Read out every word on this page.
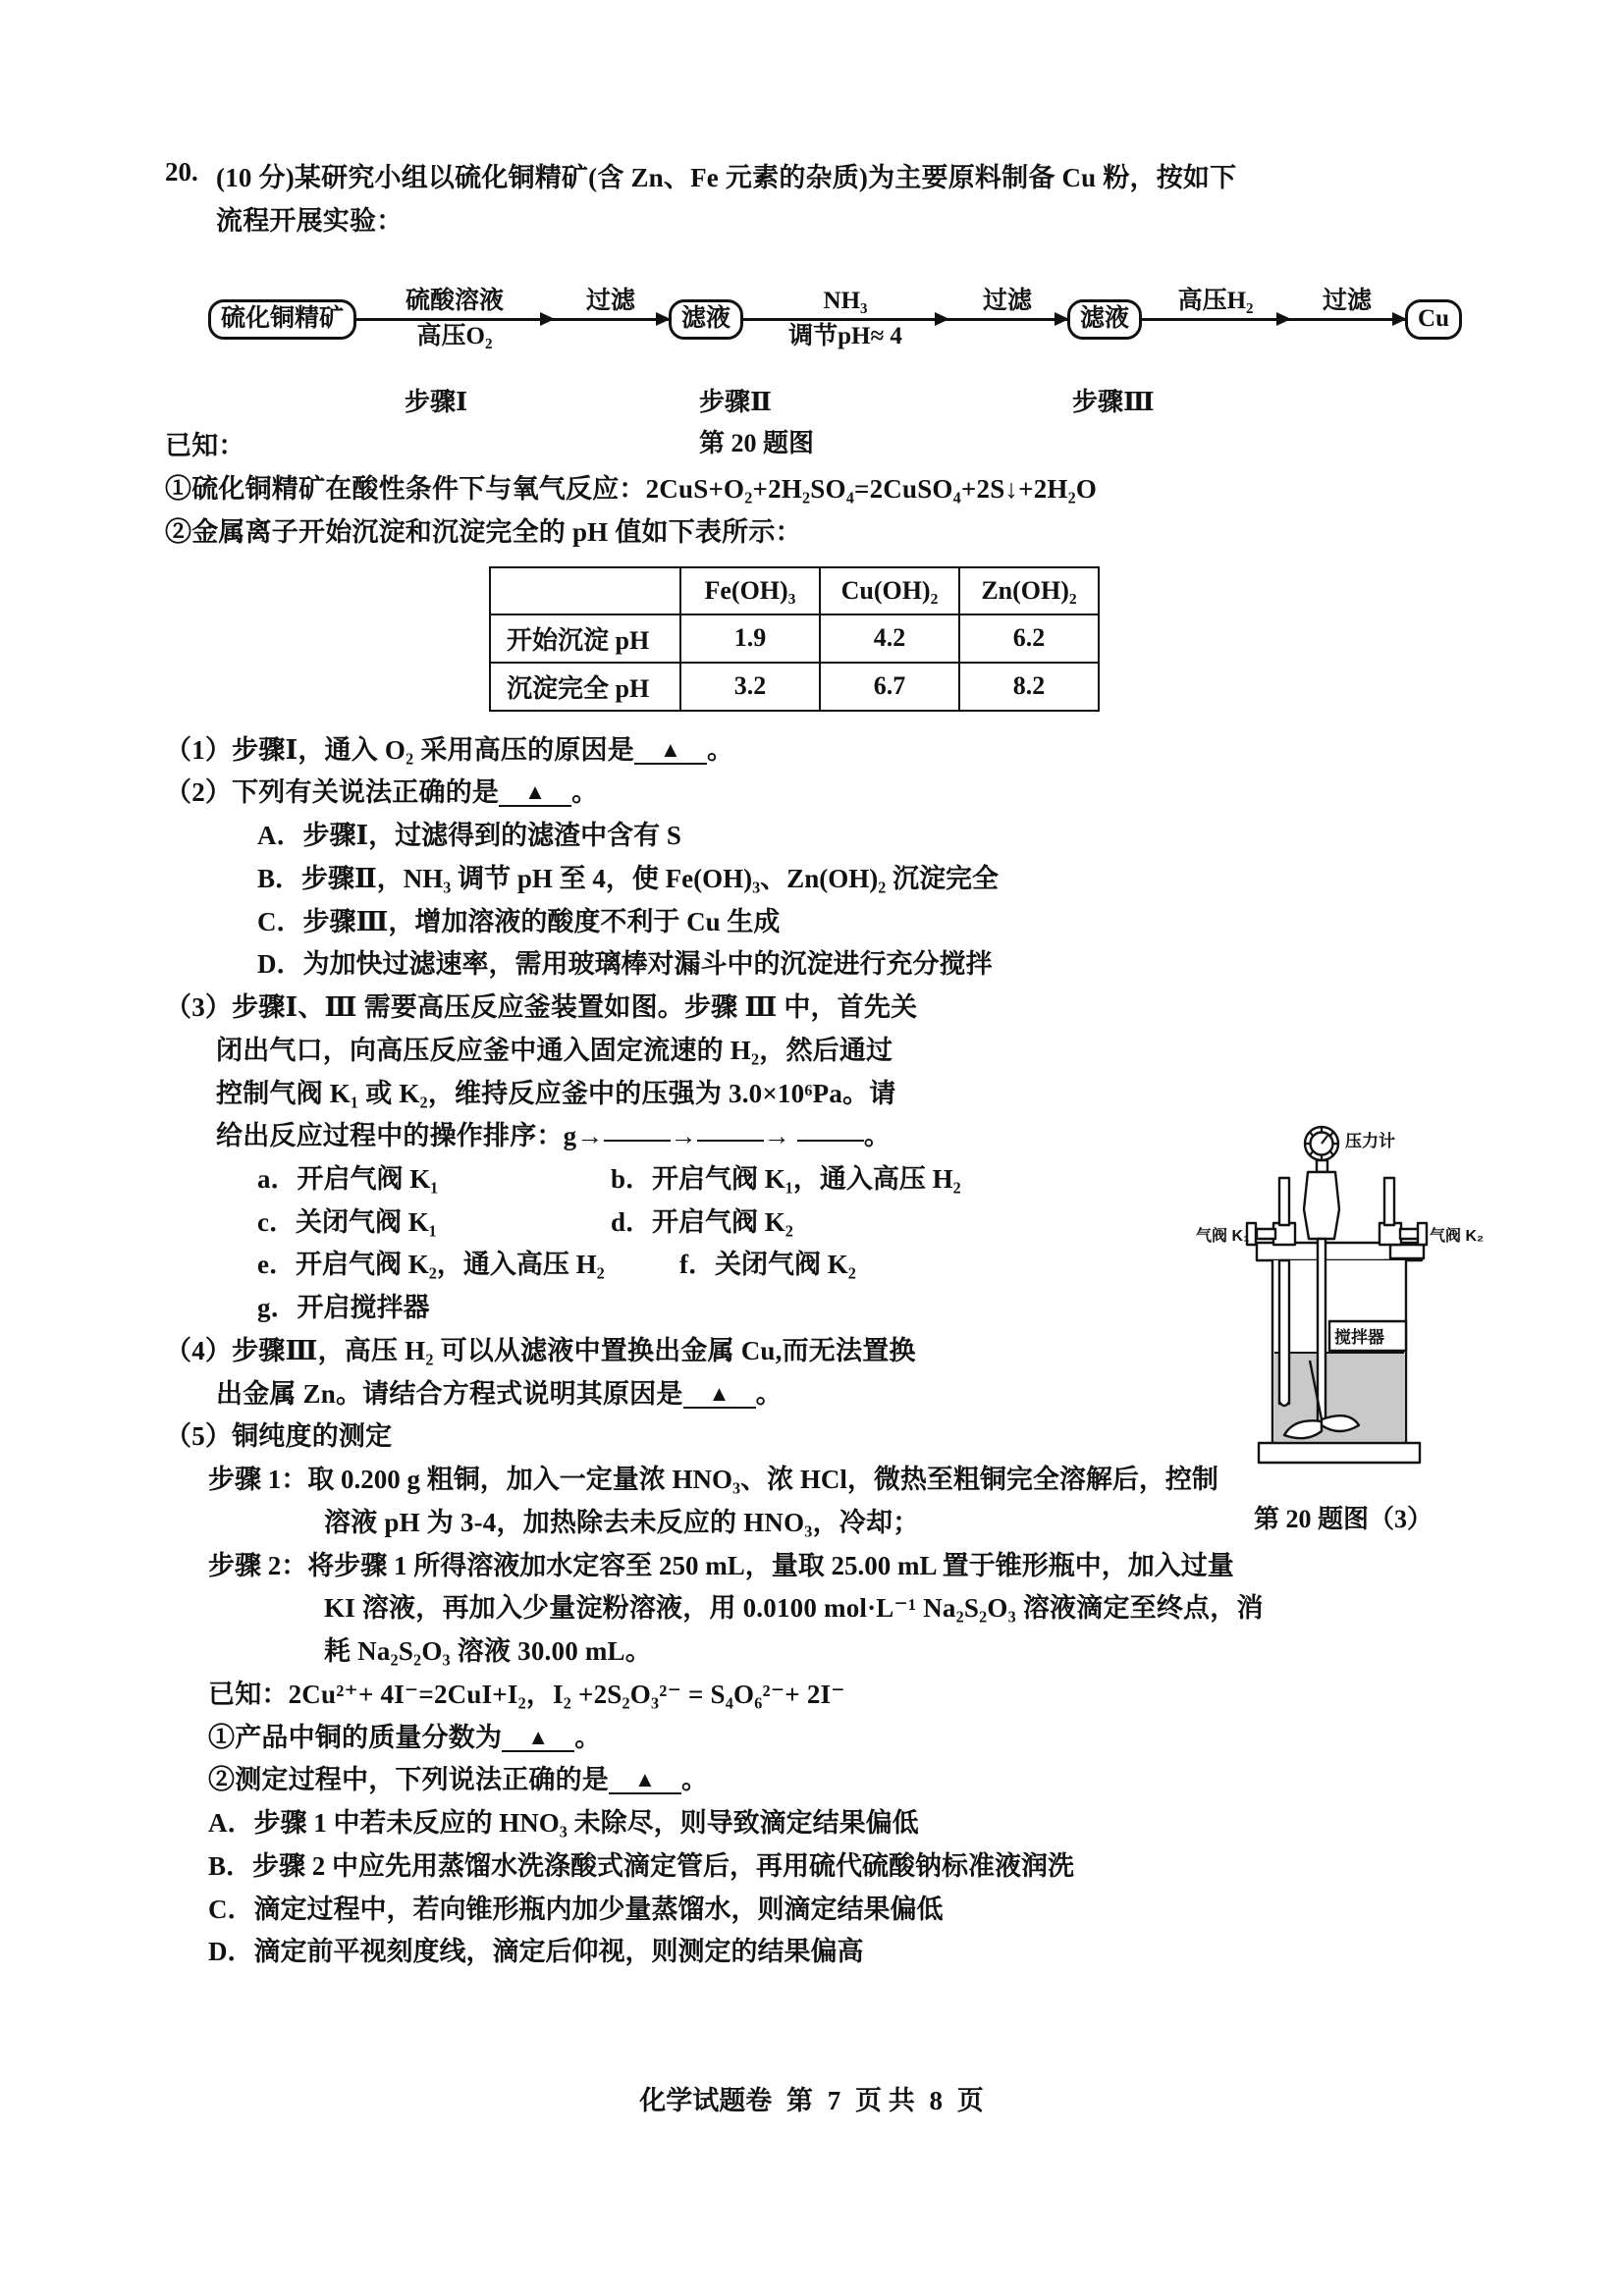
20. (10 分)某研究小组以硫化铜精矿(含 Zn、Fe 元素的杂质)为主要原料制备 Cu 粉，按如下
流程开展实验：
硫化铜精矿
硫酸溶液
高压O₂
过滤
滤液
NH₃
调节pH≈ 4
过滤
滤液
高压H₂	过滤
Cu
步骤Ⅰ	步骤Ⅱ	步骤Ⅲ
第 20 题图
已知：
①硫化铜精矿在酸性条件下与氧气反应：2CuS+O₂+2H₂SO₄=2CuSO₄+2S↓+2H₂O
②金属离子开始沉淀和沉淀完全的 pH 值如下表所示：
	Fe(OH)₃	Cu(OH)₂	Zn(OH)₂
开始沉淀 pH	1.9	4.2	6.2
沉淀完全 pH	3.2	6.7	8.2
（1）步骤Ⅰ，通入 O₂ 采用高压的原因是 ▲ 。
（2）下列有关说法正确的是 ▲ 。
A．步骤Ⅰ，过滤得到的滤渣中含有 S
B．步骤Ⅱ，NH₃ 调节 pH 至 4，使 Fe(OH)₃、Zn(OH)₂ 沉淀完全
C．步骤Ⅲ，增加溶液的酸度不利于 Cu 生成
D．为加快过滤速率，需用玻璃棒对漏斗中的沉淀进行充分搅拌
（3）步骤Ⅰ、Ⅲ 需要高压反应釜装置如图。步骤 Ⅲ 中，首先关
闭出气口，向高压反应釜中通入固定流速的 H₂，然后通过
控制气阀 K₁ 或 K₂，维持反应釜中的压强为 3.0×10⁶Pa。请
给出反应过程中的操作排序：g→	→	→	。
a．开启气阀 K₁	b．开启气阀 K₁，通入高压 H₂
c．关闭气阀 K₁	d．开启气阀 K₂
e．开启气阀 K₂，通入高压 H₂	f．关闭气阀 K₂
g．开启搅拌器
（4）步骤Ⅲ，高压 H₂ 可以从滤液中置换出金属 Cu,而无法置换
出金属 Zn。请结合方程式说明其原因是 ▲ 。
（5）铜纯度的测定
步骤 1： 取 0.200 g 粗铜，加入一定量浓 HNO₃、浓 HCl，微热至粗铜完全溶解后，控制
溶液 pH 为 3-4，加热除去未反应的 HNO₃，冷却；
步骤 2： 将步骤 1 所得溶液加水定容至 250 mL，量取 25.00 mL 置于锥形瓶中，加入过量
KI 溶液，再加入少量淀粉溶液，用 0.0100 mol·L⁻¹ Na₂S₂O₃ 溶液滴定至终点，消
耗 Na₂S₂O₃ 溶液 30.00 mL。
已知：2Cu²⁺+ 4I⁻=2CuI+I₂，I₂ +2S₂O₃²⁻ = S₄O₆²⁻+ 2I⁻
①产品中铜的质量分数为 ▲ 。
②测定过程中，下列说法正确的是 ▲ 。
A．步骤 1 中若未反应的 HNO₃ 未除尽，则导致滴定结果偏低
B．步骤 2 中应先用蒸馏水洗涤酸式滴定管后，再用硫代硫酸钠标准液润洗
C．滴定过程中，若向锥形瓶内加少量蒸馏水，则滴定结果偏低
D．滴定前平视刻度线，滴定后仰视，则测定的结果偏高
压力计
气阀 K₁	气阀 K₂
搅拌器
第 20 题图（3）
化学试题卷 第 7 页 共 8 页
